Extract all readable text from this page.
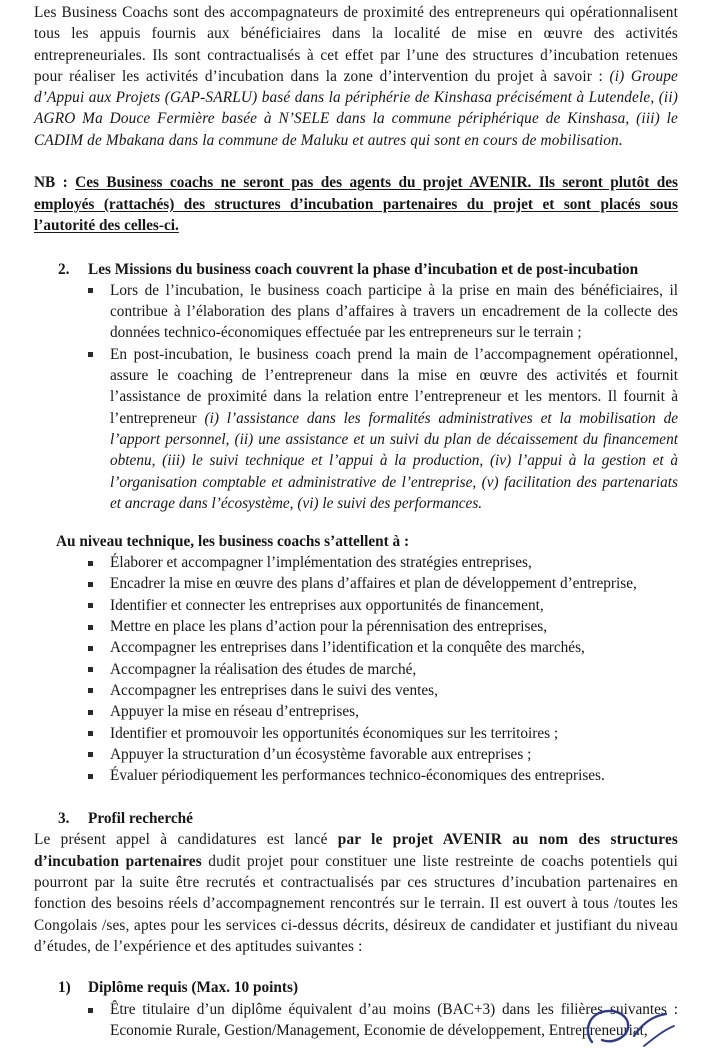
Les Business Coachs sont des accompagnateurs de proximité des entrepreneurs qui opérationnalisent tous les appuis fournis aux bénéficiaires dans la localité de mise en œuvre des activités entrepreneuriales. Ils sont contractualisés à cet effet par l’une des structures d’incubation retenues pour réaliser les activités d’incubation dans la zone d’intervention du projet à savoir : (i) Groupe d’Appui aux Projets (GAP-SARLU) basé dans la périphérie de Kinshasa précisément à Lutendele, (ii) AGRO Ma Douce Fermière basée à N’SELE dans la commune périphérique de Kinshasa, (iii) le CADIM de Mbakana dans la commune de Maluku et autres qui sont en cours de mobilisation.

NB : Ces Business coachs ne seront pas des agents du projet AVENIR. Ils seront plutôt des employés (rattachés) des structures d’incubation partenaires du projet et sont placés sous l’autorité des celles-ci.
2.	Les Missions du business coach couvrent la phase d’incubation et de post-incubation
Lors de l’incubation, le business coach participe à la prise en main des bénéficiaires, il contribue à l’élaboration des plans d’affaires à travers un encadrement de la collecte des données technico-économiques effectuée par les entrepreneurs sur le terrain ;
En post-incubation, le business coach prend la main de l’accompagnement opérationnel, assure le coaching de l’entrepreneur dans la mise en œuvre des activités et fournit l’assistance de proximité dans la relation entre l’entrepreneur et les mentors. Il fournit à l’entrepreneur (i) l’assistance dans les formalités administratives et la mobilisation de l’apport personnel, (ii) une assistance et un suivi du plan de décaissement du financement obtenu, (iii) le suivi technique et l’appui à la production, (iv) l’appui à la gestion et à l’organisation comptable et administrative de l’entreprise, (v) facilitation des partenariats et ancrage dans l’écosystème, (vi) le suivi des performances.
Au niveau technique, les business coachs s’attellent à :
Élaborer et accompagner l’implémentation des stratégies entreprises,
Encadrer la mise en œuvre des plans d’affaires et plan de développement d’entreprise,
Identifier et connecter les entreprises aux opportunités de financement,
Mettre en place les plans d’action pour la pérennisation des entreprises,
Accompagner les entreprises dans l’identification et la conquête des marchés,
Accompagner la réalisation des études de marché,
Accompagner les entreprises dans le suivi des ventes,
Appuyer la mise en réseau d’entreprises,
Identifier et promouvoir les opportunités économiques sur les territoires ;
Appuyer la structuration d’un écosystème favorable aux entreprises ;
Évaluer périodiquement les performances technico-économiques des entreprises.
3.	Profil recherché

Le présent appel à candidatures est lancé par le projet AVENIR au nom des structures d’incubation partenaires dudit projet pour constituer une liste restreinte de coachs potentiels qui pourront par la suite être recrutés et contractualisés par ces structures d’incubation partenaires en fonction des besoins réels d’accompagnement rencontrés sur le terrain. Il est ouvert à tous /toutes les Congolais /ses, aptes pour les services ci-dessus décrits, désireux de candidater et justifiant du niveau d’études, de l’expérience et des aptitudes suivantes :

1)	Diplôme requis (Max. 10 points)
Être titulaire d’un diplôme équivalent d’au moins (BAC+3) dans les filières suivantes : Economie Rurale, Gestion/Management, Economie de développement, Entrepreneuriat,
